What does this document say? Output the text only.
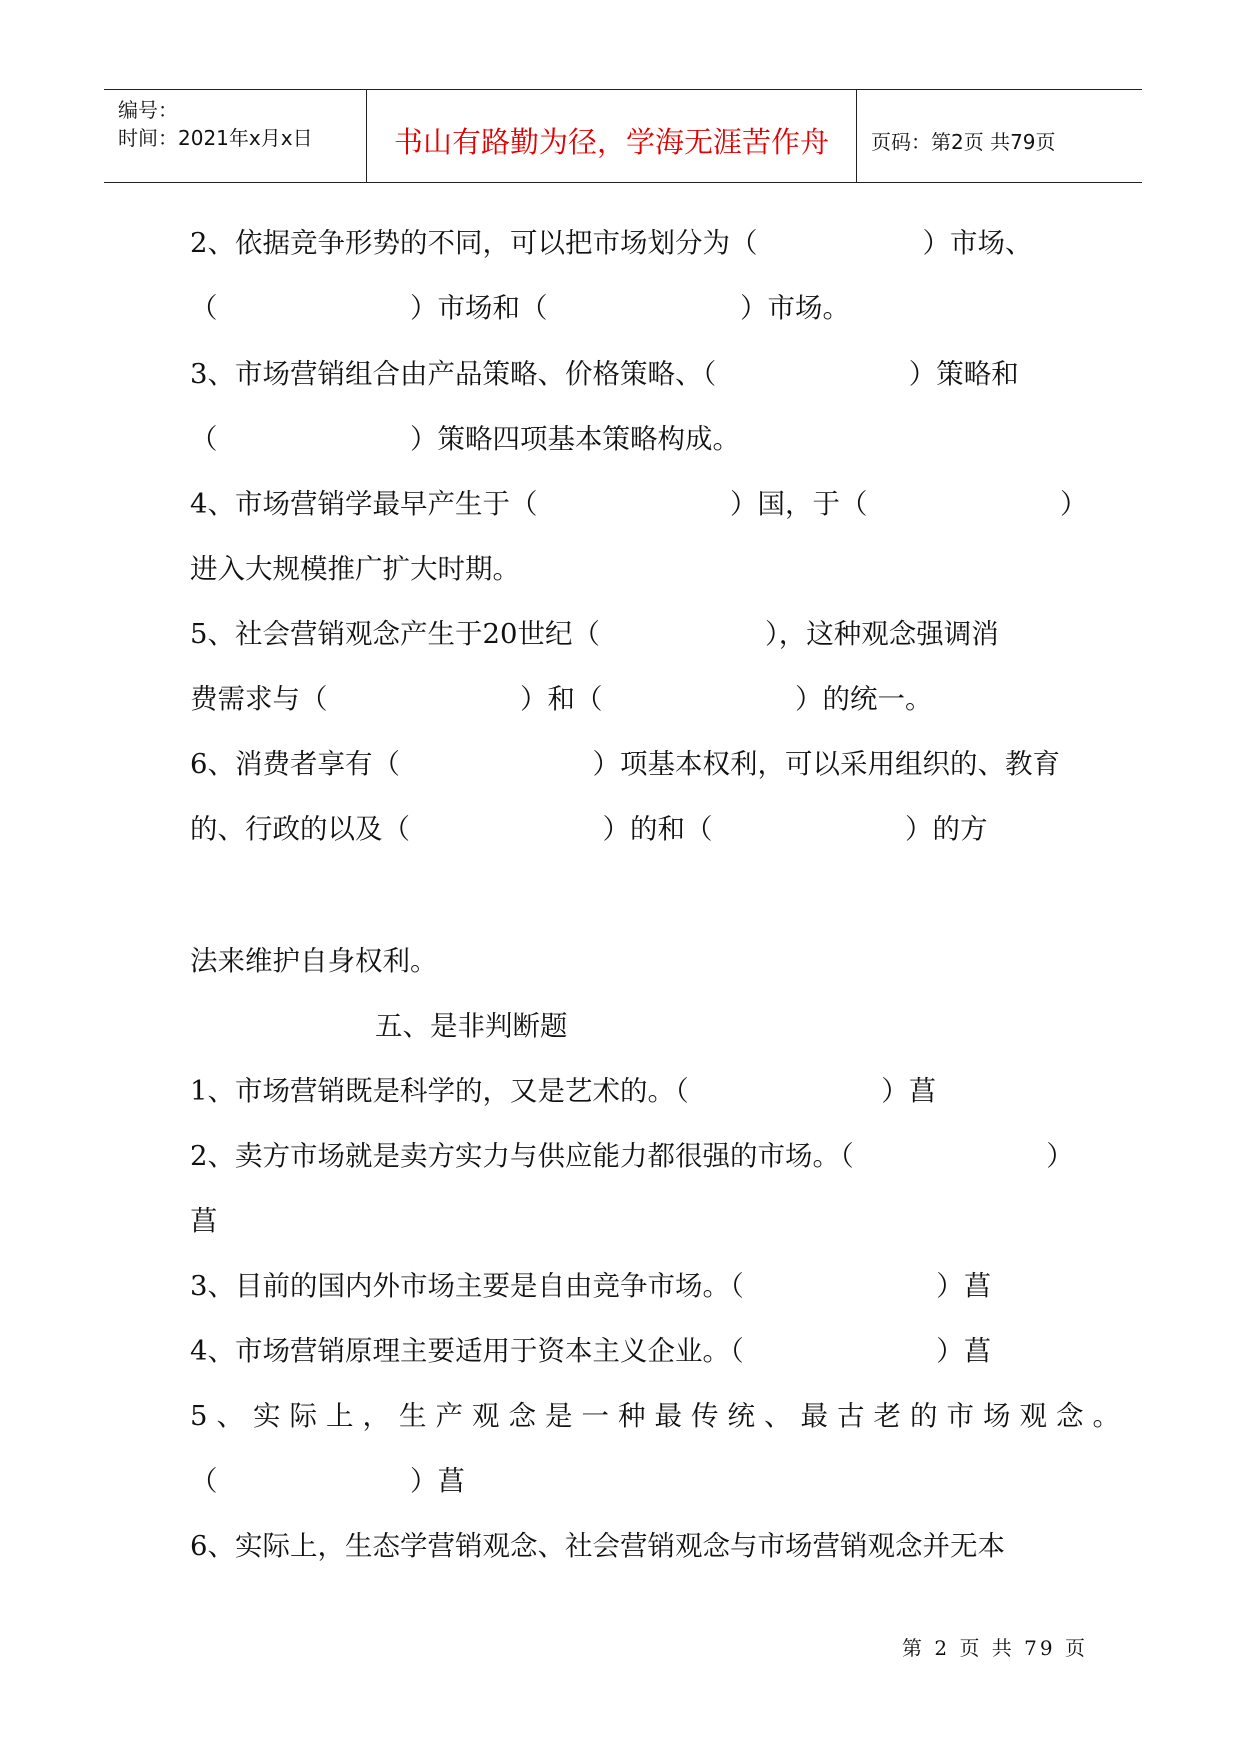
编号：
时间：2021年x月x日	书山有路勤为径，学海无涯苦作舟	页码：第2页 共79页
2、依据竞争形势的不同，可以把市场划分为（　　　　　　）市场、
（　　　　　　　）市场和（　　　　　　　）市场。
3、市场营销组合由产品策略、价格策略、（　　　　　　　）策略和
（　　　　　　　）策略四项基本策略构成。
4、市场营销学最早产生于（　　　　　　　）国，于（　　　　　　　）
进入大规模推广扩大时期。
5、社会营销观念产生于20世纪（　　　　　　），这种观念强调消
费需求与（　　　　　　　）和（　　　　　　　）的统一。
6、消费者享有（　　　　　　　）项基本权利，可以采用组织的、教育
的、行政的以及（　　　　　　　）的和（　　　　　　　）的方
法来维护自身权利。
五、是非判断题
1、市场营销既是科学的，又是艺术的。（　　　　　　　）菖
2、卖方市场就是卖方实力与供应能力都很强的市场。（　　　　　　　）
菖
3、目前的国内外市场主要是自由竞争市场。（　　　　　　　）菖
4、市场营销原理主要适用于资本主义企业。（　　　　　　　）菖
5、实际上，生产观念是一种最传统、最古老的市场观念。
（　　　　　　　）菖
6、实际上，生态学营销观念、社会营销观念与市场营销观念并无本
第 2 页 共 79 页
